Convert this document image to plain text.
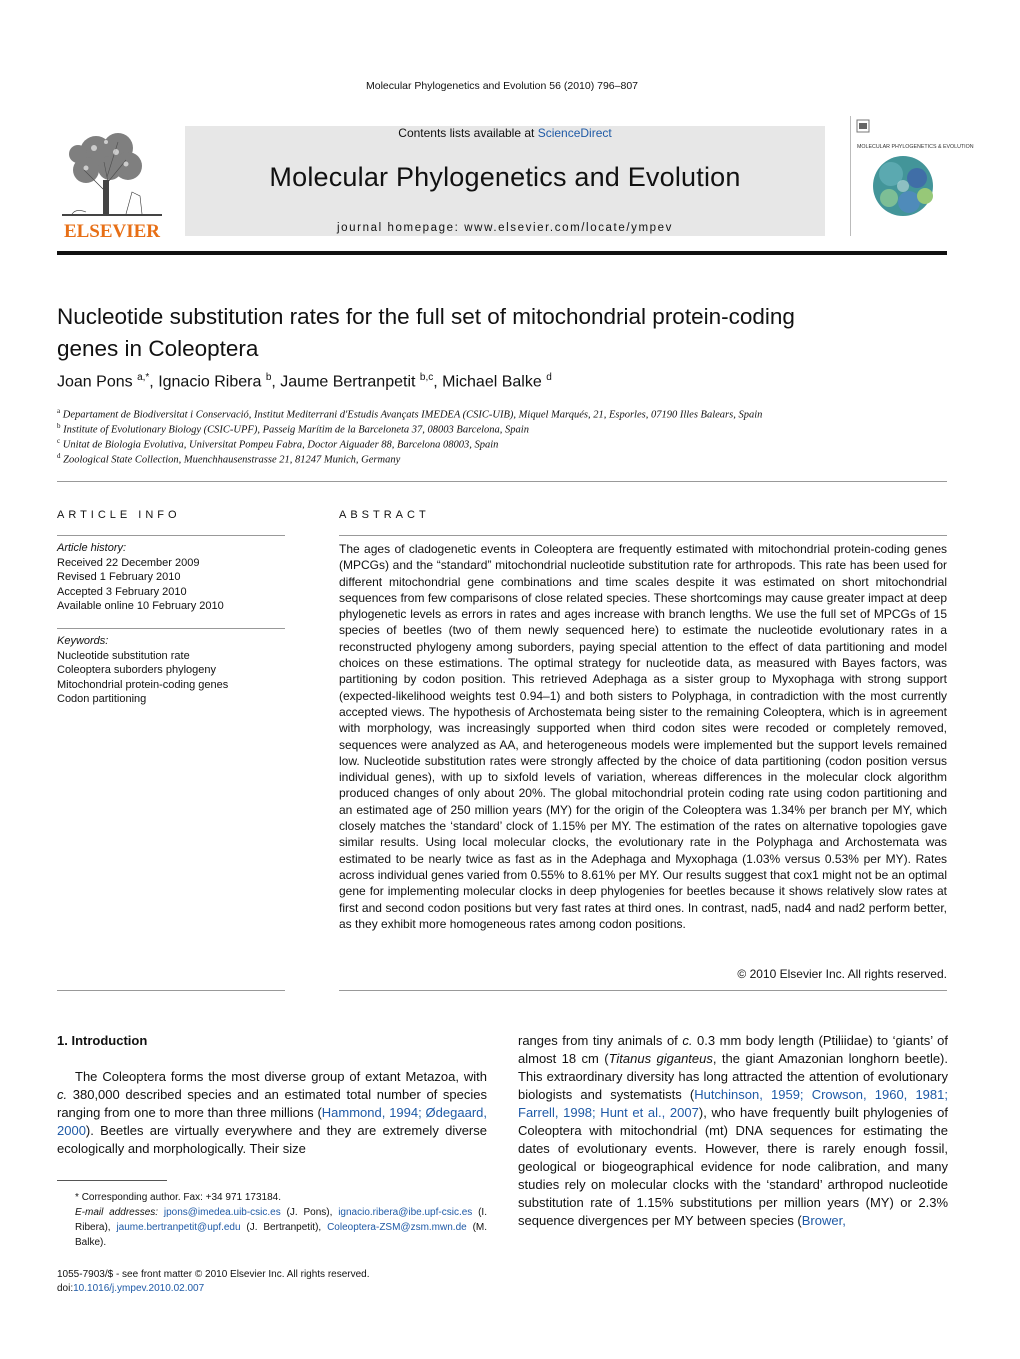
Molecular Phylogenetics and Evolution 56 (2010) 796–807
ELSEVIER
Contents lists available at ScienceDirect
Molecular Phylogenetics and Evolution
journal homepage: www.elsevier.com/locate/ympev
MOLECULAR PHYLOGENETICS & EVOLUTION
Nucleotide substitution rates for the full set of mitochondrial protein-coding
genes in Coleoptera
Joan Pons $^{a,*}$, Ignacio Ribera $^b$, Jaume Bertranpetit $^{b,c}$, Michael Balke $^d$
$^a$ Departament de Biodiversitat i Conservació, Institut Mediterrani d'Estudis Avançats IMEDEA (CSIC-UIB), Miquel Marqués, 21, Esporles, 07190 Illes Balears, Spain
$^b$ Institute of Evolutionary Biology (CSIC-UPF), Passeig Marítim de la Barceloneta 37, 08003 Barcelona, Spain
$^c$ Unitat de Biologia Evolutiva, Universitat Pompeu Fabra, Doctor Aiguader 88, Barcelona 08003, Spain
$^d$ Zoological State Collection, Muenchhausenstrasse 21, 81247 Munich, Germany
ARTICLE INFO
Article history:
Received 22 December 2009
Revised 1 February 2010
Accepted 3 February 2010
Available online 10 February 2010
Keywords:
Nucleotide substitution rate
Coleoptera suborders phylogeny
Mitochondrial protein-coding genes
Codon partitioning
ABSTRACT
The ages of cladogenetic events in Coleoptera are frequently estimated with mitochondrial protein-coding genes (MPCGs) and the “standard” mitochondrial nucleotide substitution rate for arthropods. This rate has been used for different mitochondrial gene combinations and time scales despite it was estimated on short mitochondrial sequences from few comparisons of close related species. These shortcomings may cause greater impact at deep phylogenetic levels as errors in rates and ages increase with branch lengths. We use the full set of MPCGs of 15 species of beetles (two of them newly sequenced here) to estimate the nucleotide evolutionary rates in a reconstructed phylogeny among suborders, paying special attention to the effect of data partitioning and model choices on these estimations. The optimal strategy for nucleotide data, as measured with Bayes factors, was partitioning by codon position. This retrieved Adephaga as a sister group to Myxophaga with strong support (expected-likelihood weights test 0.94–1) and both sisters to Polyphaga, in contradiction with the most currently accepted views. The hypothesis of Archostemata being sister to the remaining Coleoptera, which is in agreement with morphology, was increasingly supported when third codon sites were recoded or completely removed, sequences were analyzed as AA, and heterogeneous models were implemented but the support levels remained low. Nucleotide substitution rates were strongly affected by the choice of data partitioning (codon position versus individual genes), with up to sixfold levels of variation, whereas differences in the molecular clock algorithm produced changes of only about 20%. The global mitochondrial protein coding rate using codon partitioning and an estimated age of 250 million years (MY) for the origin of the Coleoptera was 1.34% per branch per MY, which closely matches the ‘standard’ clock of 1.15% per MY. The estimation of the rates on alternative topologies gave similar results. Using local molecular clocks, the evolutionary rate in the Polyphaga and Archostemata was estimated to be nearly twice as fast as in the Adephaga and Myxophaga (1.03% versus 0.53% per MY). Rates across individual genes varied from 0.55% to 8.61% per MY. Our results suggest that cox1 might not be an optimal gene for implementing molecular clocks in deep phylogenies for beetles because it shows relatively slow rates at first and second codon positions but very fast rates at third ones. In contrast, nad5, nad4 and nad2 perform better, as they exhibit more homogeneous rates among codon positions.
© 2010 Elsevier Inc. All rights reserved.
1. Introduction
The Coleoptera forms the most diverse group of extant Metazoa, with c. 380,000 described species and an estimated total number of species ranging from one to more than three millions (Hammond, 1994; Ødegaard, 2000). Beetles are virtually everywhere and they are extremely diverse ecologically and morphologically. Their size
* Corresponding author. Fax: +34 971 173184.
E-mail addresses: jpons@imedea.uib-csic.es (J. Pons), ignacio.ribera@ibe.upf-csic.es (I. Ribera), jaume.bertranpetit@upf.edu (J. Bertranpetit), Coleoptera-ZSM@zsm.mwn.de (M. Balke).
1055-7903/$ - see front matter © 2010 Elsevier Inc. All rights reserved.
doi:10.1016/j.ympev.2010.02.007
ranges from tiny animals of c. 0.3 mm body length (Ptiliidae) to ‘giants’ of almost 18 cm (Titanus giganteus, the giant Amazonian longhorn beetle). This extraordinary diversity has long attracted the attention of evolutionary biologists and systematists (Hutchinson, 1959; Crowson, 1960, 1981; Farrell, 1998; Hunt et al., 2007), who have frequently built phylogenies of Coleoptera with mitochondrial (mt) DNA sequences for estimating the dates of evolutionary events. However, there is rarely enough fossil, geological or biogeographical evidence for node calibration, and many studies rely on molecular clocks with the ‘standard’ arthropod nucleotide substitution rate of 1.15% substitutions per million years (MY) or 2.3% sequence divergences per MY between species (Brower,
